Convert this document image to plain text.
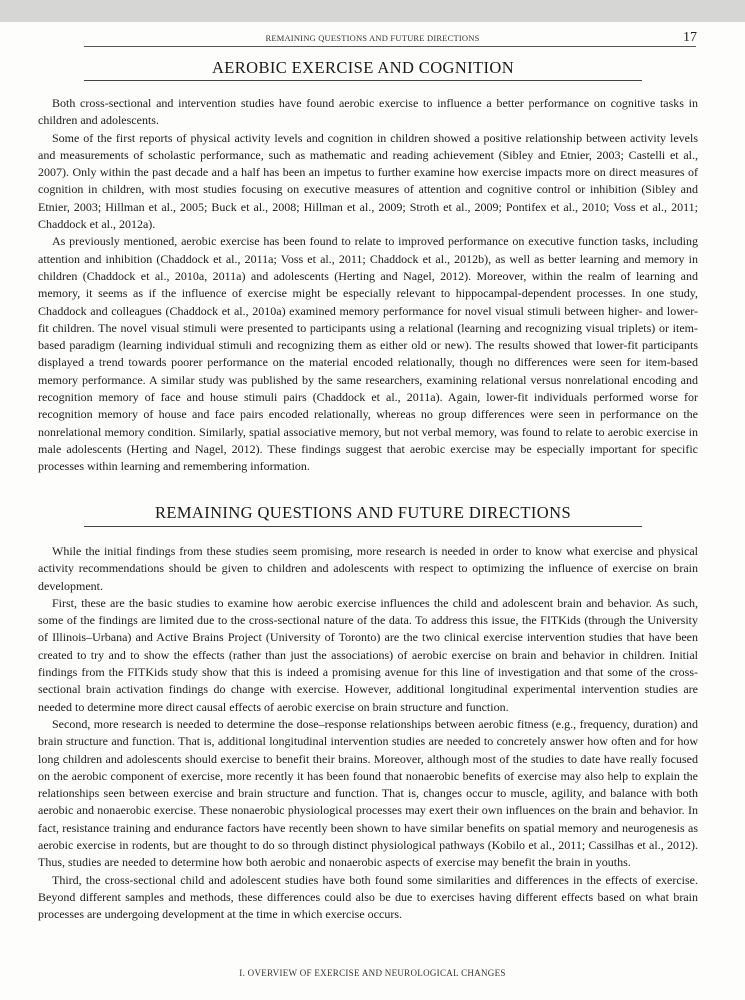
REMAINING QUESTIONS AND FUTURE DIRECTIONS	17
AEROBIC EXERCISE AND COGNITION

Both cross-sectional and intervention studies have found aerobic exercise to influence a better performance on cognitive tasks in children and adolescents.

Some of the first reports of physical activity levels and cognition in children showed a positive relationship between activity levels and measurements of scholastic performance, such as mathematic and reading achievement (Sibley and Etnier, 2003; Castelli et al., 2007). Only within the past decade and a half has been an impetus to further examine how exercise impacts more on direct measures of cognition in children, with most studies focusing on executive measures of attention and cognitive control or inhibition (Sibley and Etnier, 2003; Hillman et al., 2005; Buck et al., 2008; Hillman et al., 2009; Stroth et al., 2009; Pontifex et al., 2010; Voss et al., 2011; Chaddock et al., 2012a).

As previously mentioned, aerobic exercise has been found to relate to improved performance on executive function tasks, including attention and inhibition (Chaddock et al., 2011a; Voss et al., 2011; Chaddock et al., 2012b), as well as better learning and memory in children (Chaddock et al., 2010a, 2011a) and adolescents (Herting and Nagel, 2012). Moreover, within the realm of learning and memory, it seems as if the influence of exercise might be especially relevant to hippocampal-dependent processes. In one study, Chaddock and colleagues (Chaddock et al., 2010a) examined memory performance for novel visual stimuli between higher- and lower-fit children. The novel visual stimuli were presented to participants using a relational (learning and recognizing visual triplets) or item-based paradigm (learning individual stimuli and recognizing them as either old or new). The results showed that lower-fit participants displayed a trend towards poorer performance on the material encoded relationally, though no differences were seen for item-based memory performance. A similar study was published by the same researchers, examining relational versus nonrelational encoding and recognition memory of face and house stimuli pairs (Chaddock et al., 2011a). Again, lower-fit individuals performed worse for recognition memory of house and face pairs encoded relationally, whereas no group differences were seen in performance on the nonrelational memory condition. Similarly, spatial associative memory, but not verbal memory, was found to relate to aerobic exercise in male adolescents (Herting and Nagel, 2012). These findings suggest that aerobic exercise may be especially important for specific processes within learning and remembering information.

REMAINING QUESTIONS AND FUTURE DIRECTIONS

While the initial findings from these studies seem promising, more research is needed in order to know what exercise and physical activity recommendations should be given to children and adolescents with respect to optimizing the influence of exercise on brain development.

First, these are the basic studies to examine how aerobic exercise influences the child and adolescent brain and behavior. As such, some of the findings are limited due to the cross-sectional nature of the data. To address this issue, the FITKids (through the University of Illinois–Urbana) and Active Brains Project (University of Toronto) are the two clinical exercise intervention studies that have been created to try and to show the effects (rather than just the associations) of aerobic exercise on brain and behavior in children. Initial findings from the FITKids study show that this is indeed a promising avenue for this line of investigation and that some of the cross-sectional brain activation findings do change with exercise. However, additional longitudinal experimental intervention studies are needed to determine more direct causal effects of aerobic exercise on brain structure and function.

Second, more research is needed to determine the dose–response relationships between aerobic fitness (e.g., frequency, duration) and brain structure and function. That is, additional longitudinal intervention studies are needed to concretely answer how often and for how long children and adolescents should exercise to benefit their brains. Moreover, although most of the studies to date have really focused on the aerobic component of exercise, more recently it has been found that nonaerobic benefits of exercise may also help to explain the relationships seen between exercise and brain structure and function. That is, changes occur to muscle, agility, and balance with both aerobic and nonaerobic exercise. These nonaerobic physiological processes may exert their own influences on the brain and behavior. In fact, resistance training and endurance factors have recently been shown to have similar benefits on spatial memory and neurogenesis as aerobic exercise in rodents, but are thought to do so through distinct physiological pathways (Kobilo et al., 2011; Cassilhas et al., 2012). Thus, studies are needed to determine how both aerobic and nonaerobic aspects of exercise may benefit the brain in youths.

Third, the cross-sectional child and adolescent studies have both found some similarities and differences in the effects of exercise. Beyond different samples and methods, these differences could also be due to exercises having different effects based on what brain processes are undergoing development at the time in which exercise occurs.

I. OVERVIEW OF EXERCISE AND NEUROLOGICAL CHANGES
